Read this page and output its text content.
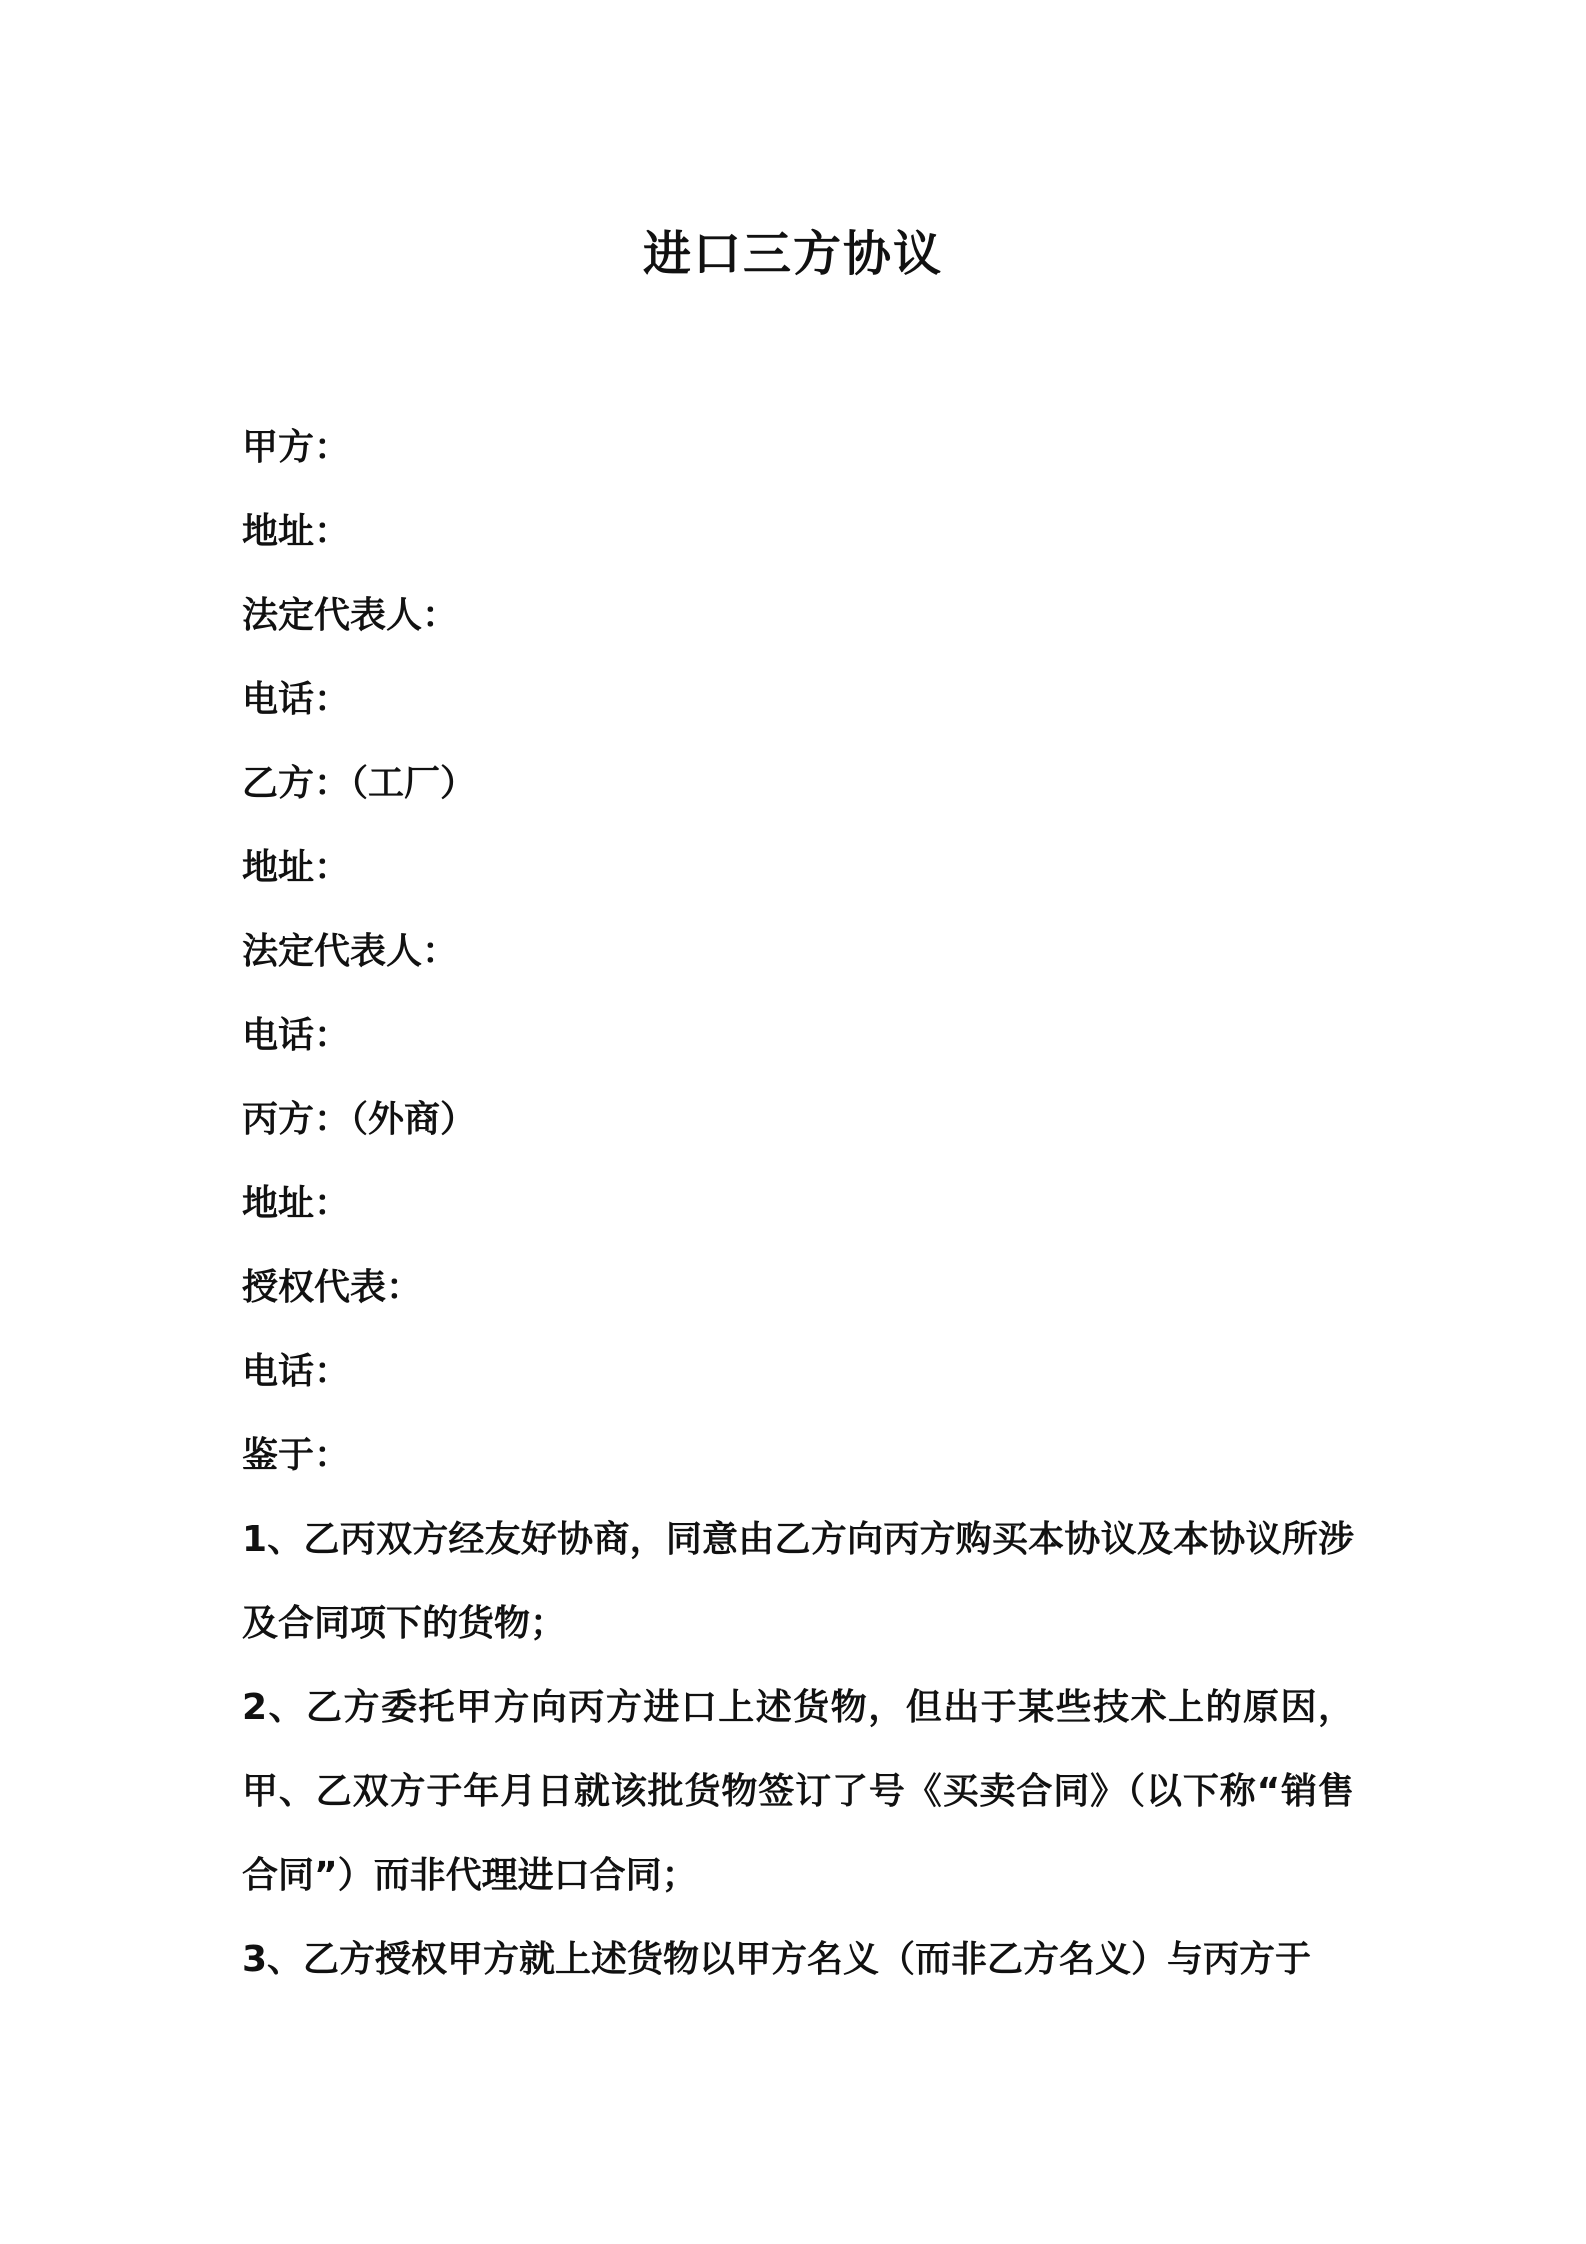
进口三方协议

甲方：

地址：

法定代表人：

电话：

乙方：（工厂）

地址：

法定代表人：

电话：

丙方：（外商）

地址：

授权代表：

电话：

鉴于：

1、乙丙双方经友好协商，同意由乙方向丙方购买本协议及本协议所涉及合同项下的货物；

2、乙方委托甲方向丙方进口上述货物，但出于某些技术上的原因，甲、乙双方于年月日就该批货物签订了号《买卖合同》（以下称“销售合同”）而非代理进口合同；

3、乙方授权甲方就上述货物以甲方名义（而非乙方名义）与丙方于
